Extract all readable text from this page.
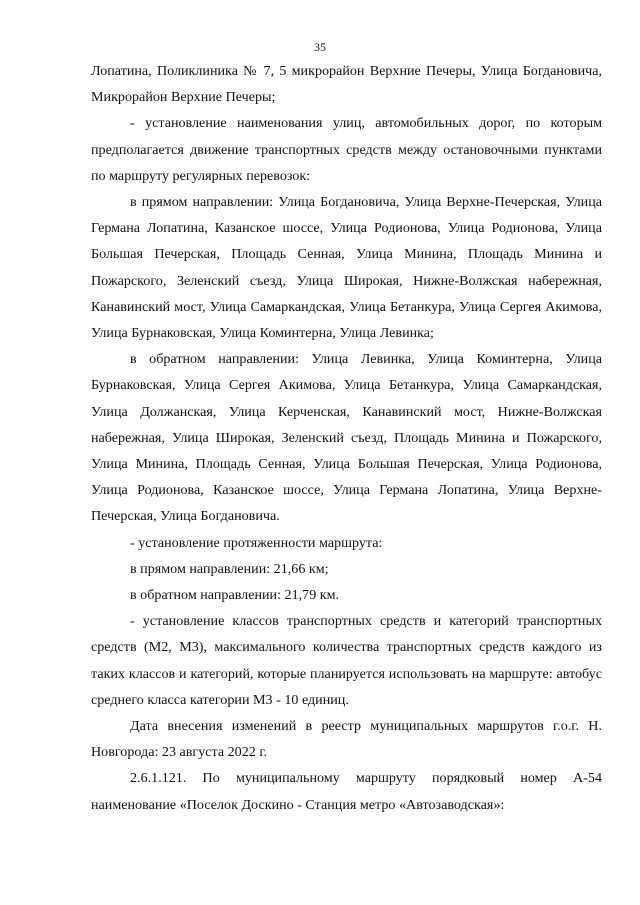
35

Лопатина, Поликлиника № 7, 5 микрорайон Верхние Печеры, Улица Богдановича, Микрорайон Верхние Печеры;

- установление наименования улиц, автомобильных дорог, по которым предполагается движение транспортных средств между остановочными пунктами по маршруту регулярных перевозок:

в прямом направлении: Улица Богдановича, Улица Верхне-Печерская, Улица Германа Лопатина, Казанское шоссе, Улица Родионова, Улица Родионова, Улица Большая Печерская, Площадь Сенная, Улица Минина, Площадь Минина и Пожарского, Зеленский съезд, Улица Широкая, Нижне-Волжская набережная, Канавинский мост, Улица Самаркандская, Улица Бетанкура, Улица Сергея Акимова, Улица Бурнаковская, Улица Коминтерна, Улица Левинка;

в обратном направлении: Улица Левинка, Улица Коминтерна, Улица Бурнаковская, Улица Сергея Акимова, Улица Бетанкура, Улица Самаркандская, Улица Должанская, Улица Керченская, Канавинский мост, Нижне-Волжская набережная, Улица Широкая, Зеленский съезд, Площадь Минина и Пожарского, Улица Минина, Площадь Сенная, Улица Большая Печерская, Улица Родионова, Улица Родионова, Казанское шоссе, Улица Германа Лопатина, Улица Верхне-Печерская, Улица Богдановича.

- установление протяженности маршрута:

в прямом направлении: 21,66 км;

в обратном направлении: 21,79 км.

- установление классов транспортных средств и категорий транспортных средств (М2, М3), максимального количества транспортных средств каждого из таких классов и категорий, которые планируется использовать на маршруте: автобус среднего класса категории М3 - 10 единиц.

Дата внесения изменений в реестр муниципальных маршрутов г.о.г. Н. Новгорода: 23 августа 2022 г.

2.6.1.121. По муниципальному маршруту порядковый номер А-54 наименование «Поселок Доскино - Станция метро «Автозаводская»:
